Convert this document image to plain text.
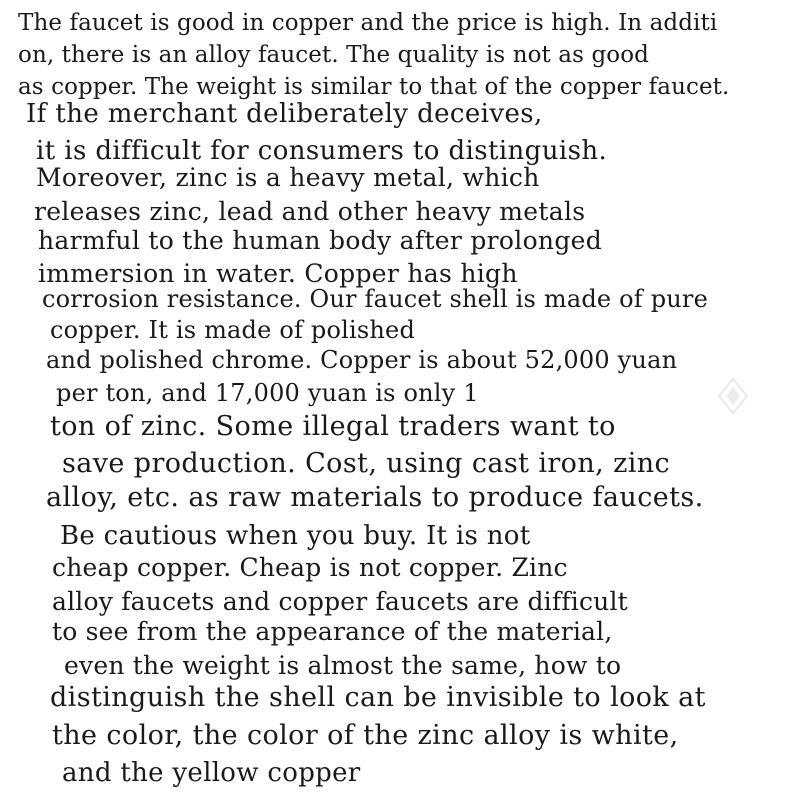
The faucet is good in copper and the price is high. In additi
on, there is an alloy faucet. The quality is not as good
as copper. The weight is similar to that of the copper faucet.
If the merchant deliberately deceives,
it is difficult for consumers to distinguish.
Moreover, zinc is a heavy metal, which
releases zinc, lead and other heavy metals
harmful to the human body after prolonged
immersion in water. Copper has high
corrosion resistance. Our faucet shell is made of pure
copper. It is made of polished
and polished chrome. Copper is about 52,000 yuan
per ton, and 17,000 yuan is only 1
ton of zinc. Some illegal traders want to
save production. Cost, using cast iron, zinc
alloy, etc. as raw materials to produce faucets.
Be cautious when you buy. It is not
cheap copper. Cheap is not copper. Zinc
alloy faucets and copper faucets are difficult
to see from the appearance of the material,
even the weight is almost the same, how to
distinguish the shell can be invisible to look at
the color, the color of the zinc alloy is white,
and the yellow copper
